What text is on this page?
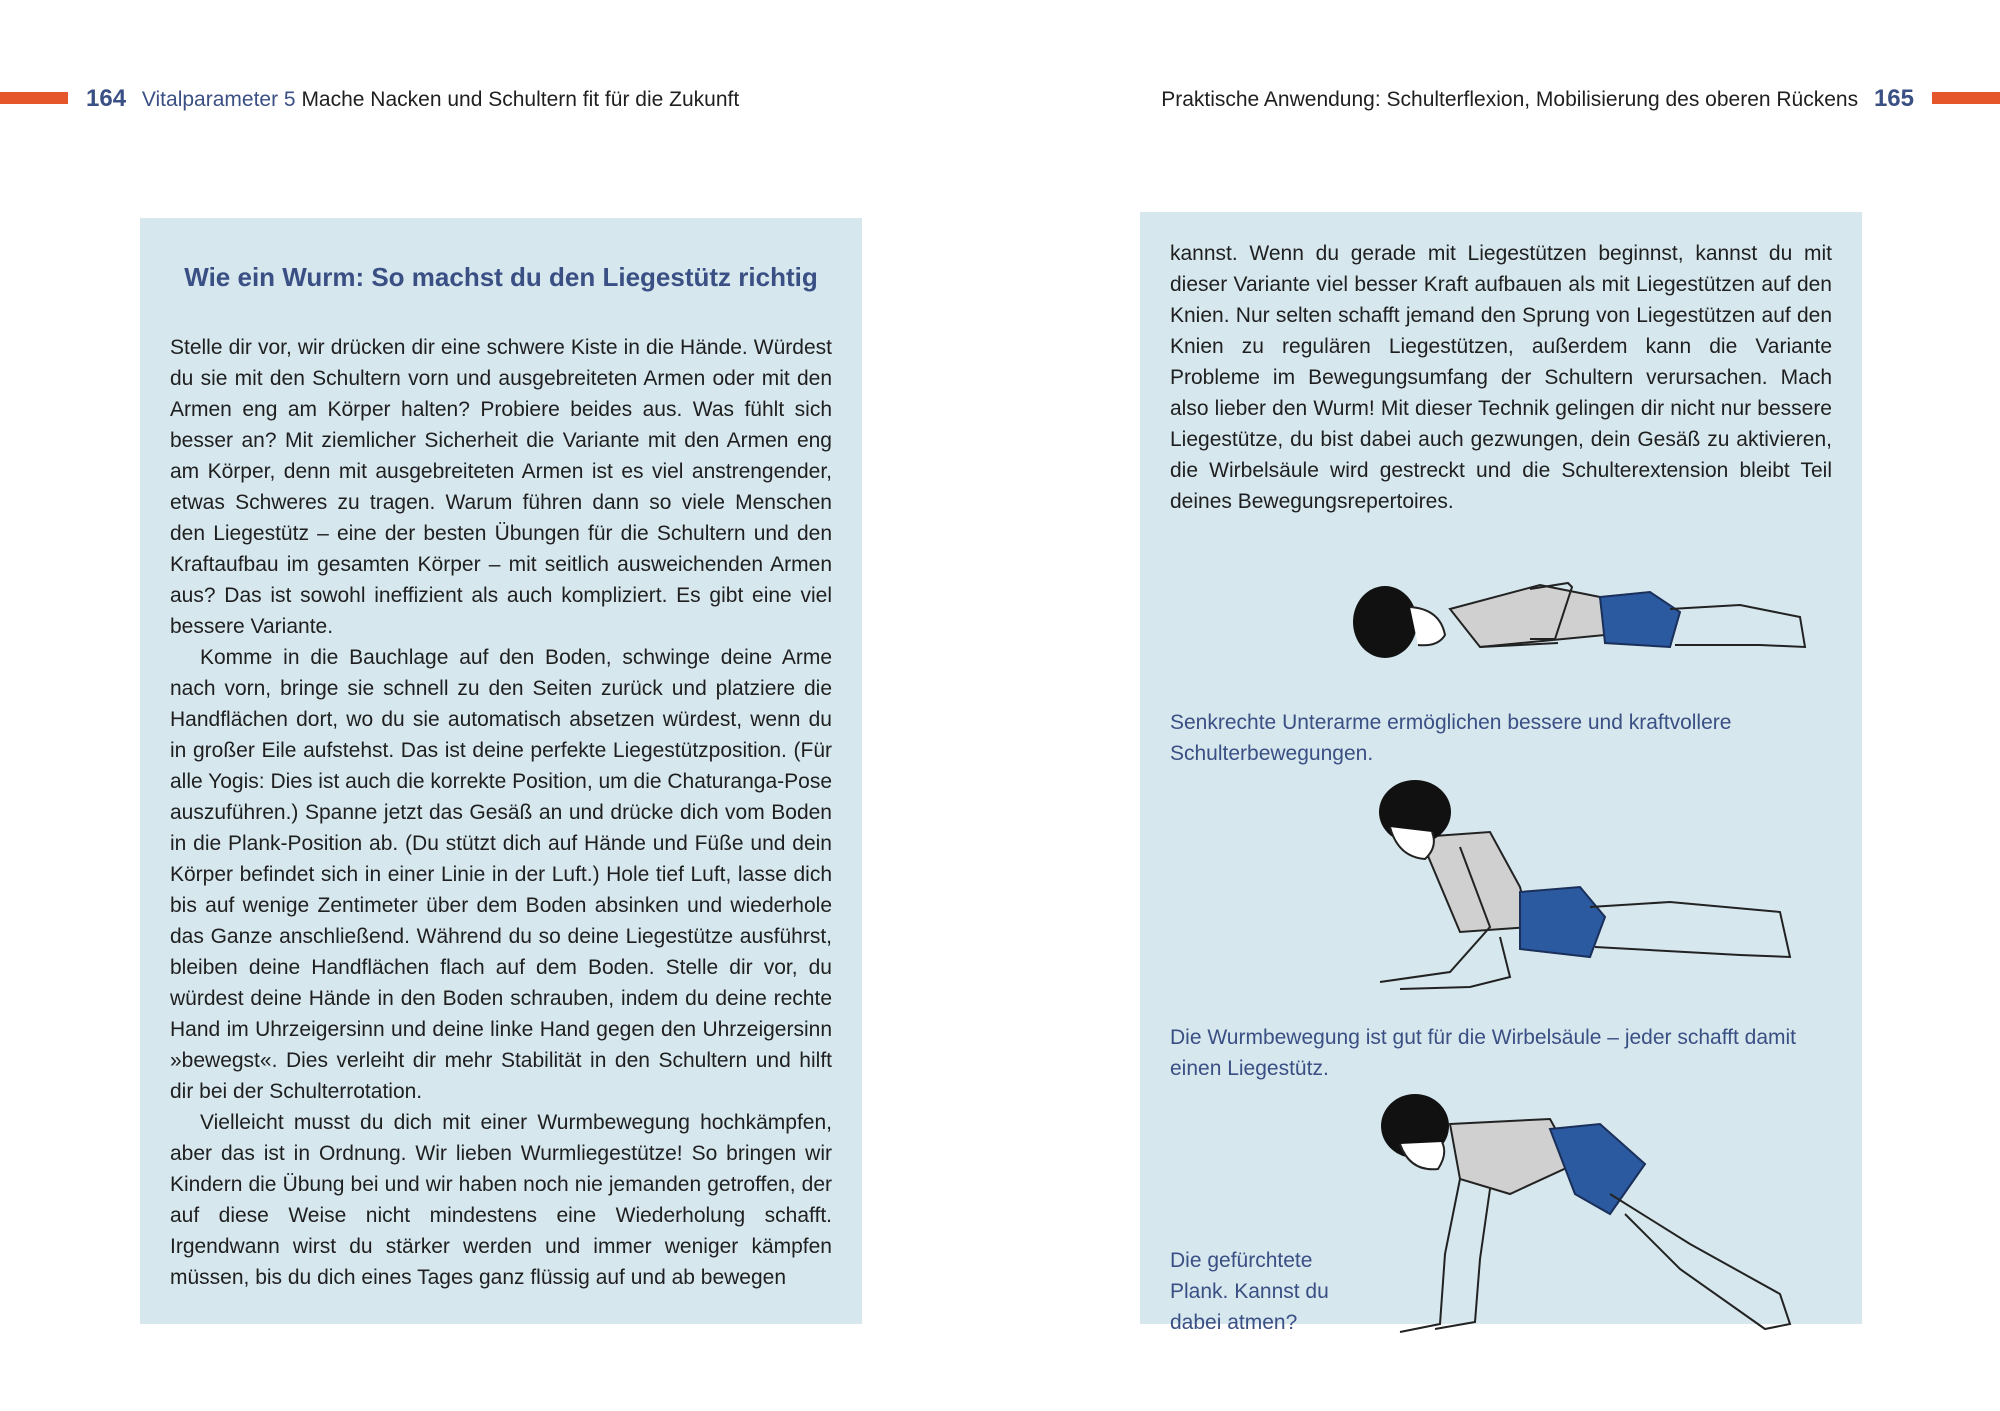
164 Vitalparameter 5 Mache Nacken und Schultern fit für die Zukunft	Praktische Anwendung: Schulterflexion, Mobilisierung des oberen Rückens 165
Wie ein Wurm: So machst du den Liegestütz richtig

Stelle dir vor, wir drücken dir eine schwere Kiste in die Hände. Würdest du sie mit den Schultern vorn und ausgebreiteten Armen oder mit den Armen eng am Körper halten? Probiere beides aus. Was fühlt sich besser an? Mit ziemlicher Sicherheit die Variante mit den Armen eng am Körper, denn mit ausgebreiteten Armen ist es viel anstrengender, etwas Schweres zu tragen. Warum führen dann so viele Menschen den Liegestütz – eine der besten Übungen für die Schultern und den Kraftaufbau im gesamten Körper – mit seitlich ausweichenden Armen aus? Das ist sowohl ineffizient als auch kompliziert. Es gibt eine viel bessere Variante.

Komme in die Bauchlage auf den Boden, schwinge deine Arme nach vorn, bringe sie schnell zu den Seiten zurück und platziere die Handflächen dort, wo du sie automatisch absetzen würdest, wenn du in großer Eile aufstehst. Das ist deine perfekte Liegestützposition. (Für alle Yogis: Dies ist auch die korrekte Position, um die Chaturanga-Pose auszuführen.) Spanne jetzt das Gesäß an und drücke dich vom Boden in die Plank-Position ab. (Du stützt dich auf Hände und Füße und dein Körper befindet sich in einer Linie in der Luft.) Hole tief Luft, lasse dich bis auf wenige Zentimeter über dem Boden absinken und wiederhole das Ganze anschließend. Während du so deine Liegestütze ausführst, bleiben deine Handflächen flach auf dem Boden. Stelle dir vor, du würdest deine Hände in den Boden schrauben, indem du deine rechte Hand im Uhrzeigersinn und deine linke Hand gegen den Uhrzeigersinn »bewegst«. Dies verleiht dir mehr Stabilität in den Schultern und hilft dir bei der Schulterrotation.

Vielleicht musst du dich mit einer Wurmbewegung hochkämpfen, aber das ist in Ordnung. Wir lieben Wurmliegestütze! So bringen wir Kindern die Übung bei und wir haben noch nie jemanden getroffen, der auf diese Weise nicht mindestens eine Wiederholung schafft. Irgendwann wirst du stärker werden und immer weniger kämpfen müssen, bis du dich eines Tages ganz flüssig auf und ab bewegen

kannst. Wenn du gerade mit Liegestützen beginnst, kannst du mit dieser Variante viel besser Kraft aufbauen als mit Liegestützen auf den Knien. Nur selten schafft jemand den Sprung von Liegestützen auf den Knien zu regulären Liegestützen, außerdem kann die Variante Probleme im Bewegungsumfang der Schultern verursachen. Mach also lieber den Wurm! Mit dieser Technik gelingen dir nicht nur bessere Liegestütze, du bist dabei auch gezwungen, dein Gesäß zu aktivieren, die Wirbelsäule wird gestreckt und die Schulterextension bleibt Teil deines Bewegungsrepertoires.

Senkrechte Unterarme ermöglichen bessere und kraftvollere Schulterbewegungen.
Die Wurmbewegung ist gut für die Wirbelsäule – jeder schafft damit einen Liegestütz.
Die gefürchtete Plank. Kannst du dabei atmen?
